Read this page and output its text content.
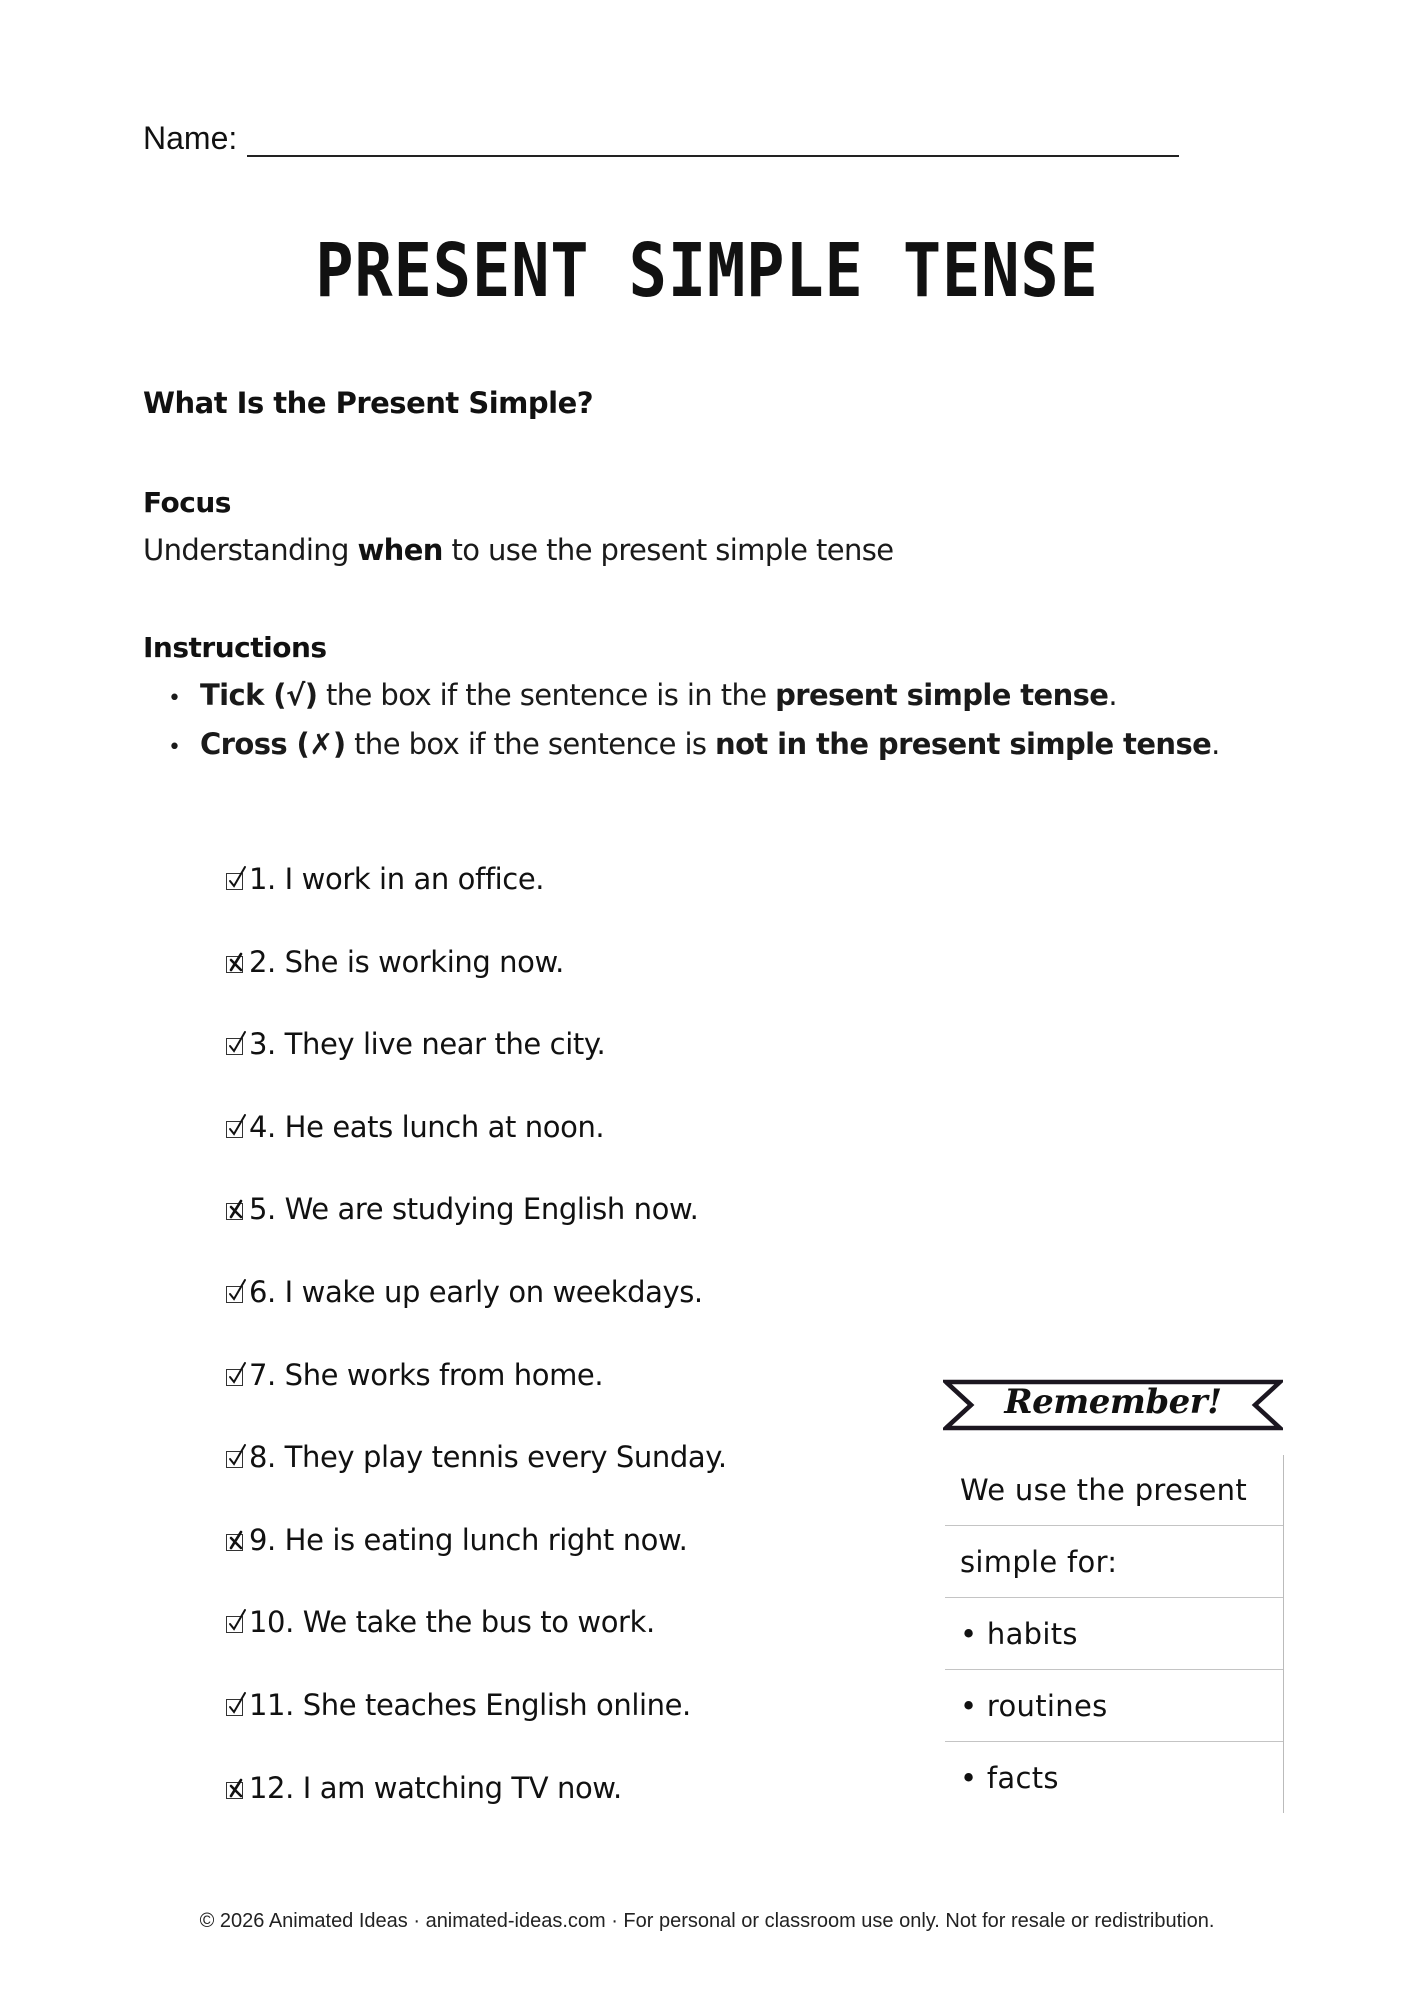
Name:
PRESENT SIMPLE TENSE
What Is the Present Simple?
Focus
Understanding when to use the present simple tense
Instructions
• Tick (√) the box if the sentence is in the present simple tense.
• Cross (✗) the box if the sentence is not in the present simple tense.
1. I work in an office.
2. She is working now.
3. They live near the city.
4. He eats lunch at noon.
5. We are studying English now.
6. I wake up early on weekdays.
7. She works from home.
8. They play tennis every Sunday.
9. He is eating lunch right now.
10. We take the bus to work.
11. She teaches English online.
12. I am watching TV now.
Remember!
We use the present
simple for:
• habits
• routines
• facts
© 2026 Animated Ideas · animated-ideas.com · For personal or classroom use only. Not for resale or redistribution.
